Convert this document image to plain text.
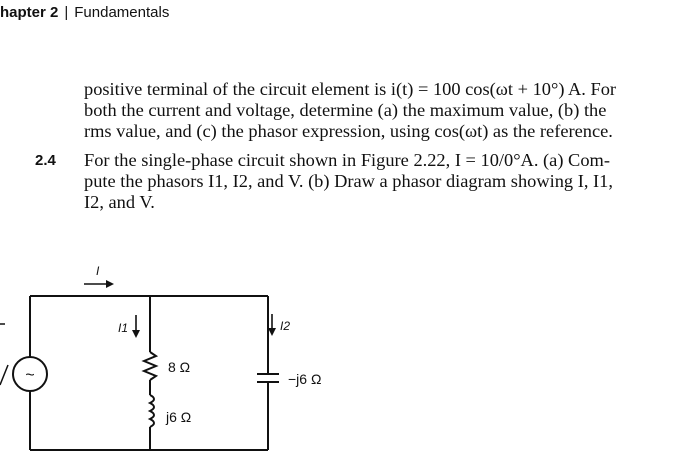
hapter 2 | Fundamentals

positive terminal of the circuit element is i(t) = 100 cos(ωt + 10°) A. For

both the current and voltage, determine (a) the maximum value, (b) the

rms value, and (c) the phasor expression, using cos(ωt) as the reference.

2.4 For the single-phase circuit shown in Figure 2.22, I = 10/0°A. (a) Com-

pute the phasors I1, I2, and V. (b) Draw a phasor diagram showing I, I1,

I2, and V.

~
I
I1	I2
8 Ω
j6 Ω
−j6 Ω
